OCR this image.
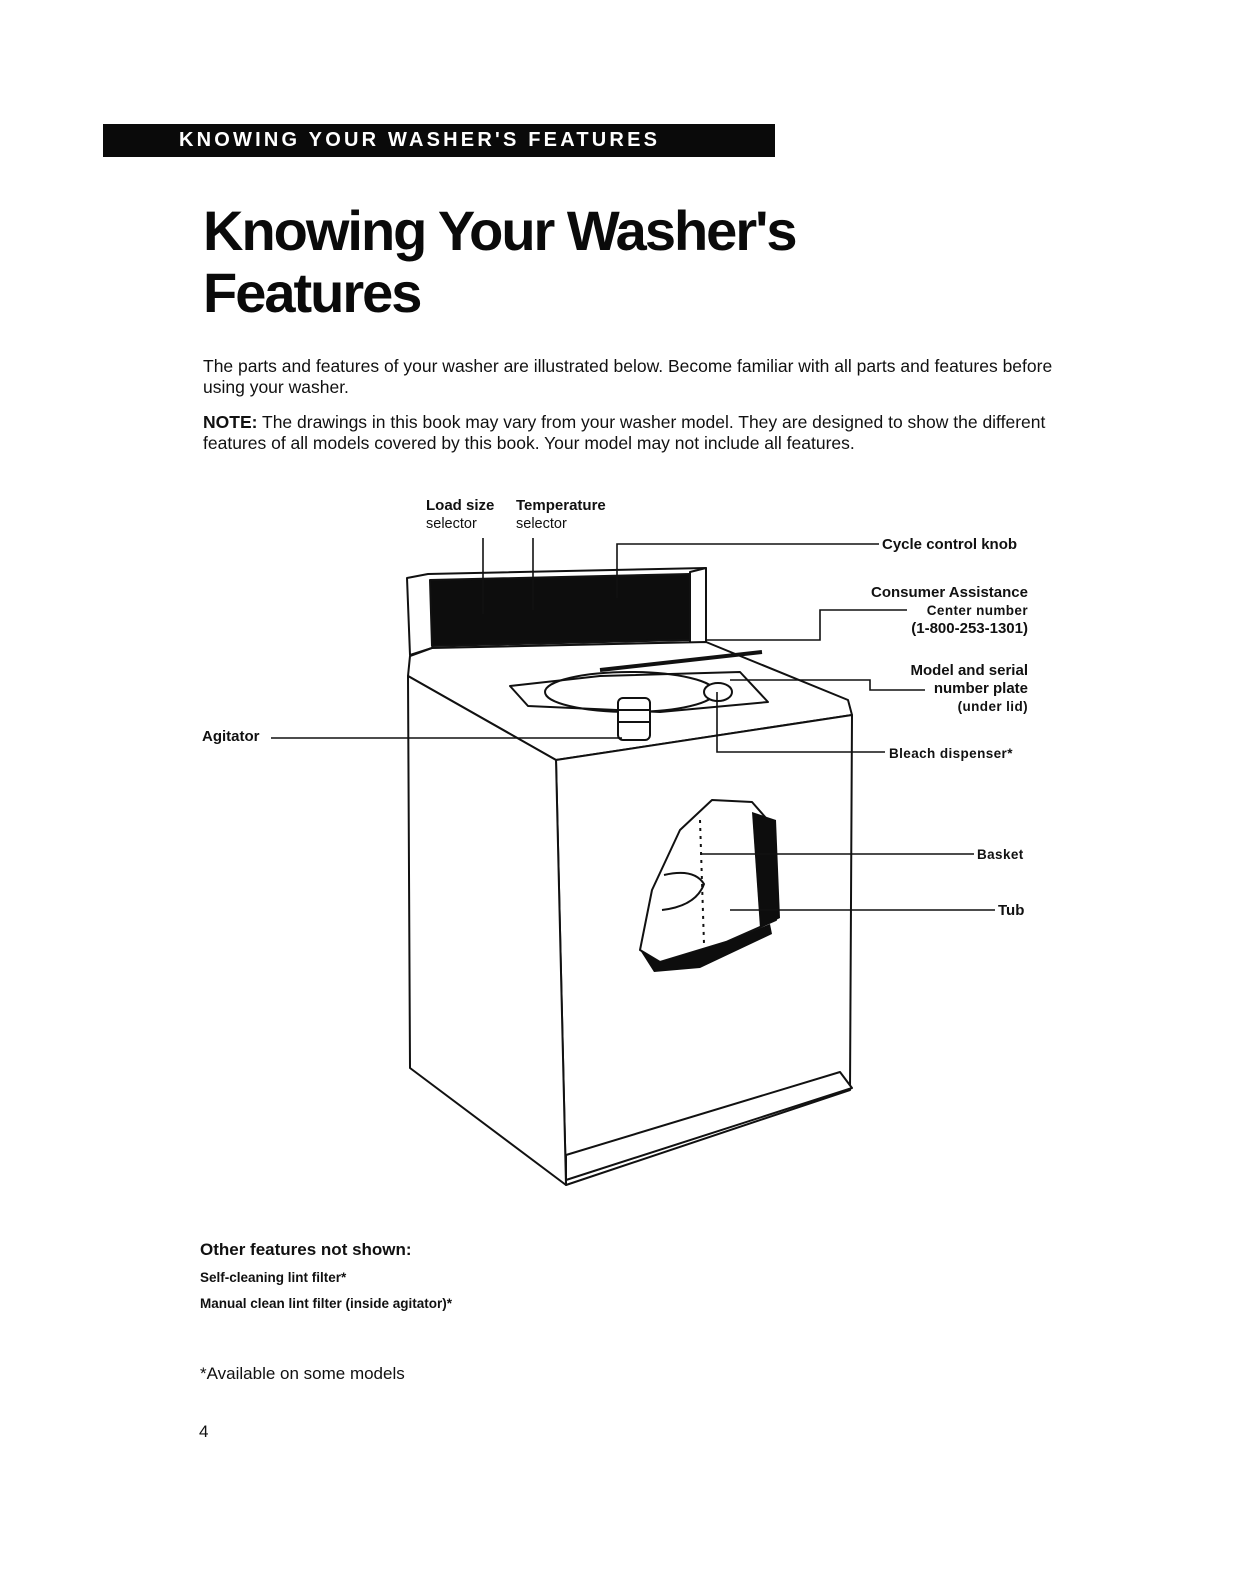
KNOWING YOUR WASHER'S FEATURES
Knowing Your Washer's
Features

The parts and features of your washer are illustrated below. Become familiar with all parts and features before using your washer.

NOTE: The drawings in this book may vary from your washer model. They are designed to show the different features of all models covered by this book. Your model may not include all features.

Load size
selector
Temperature
selector
Cycle control knob
Consumer Assistance
Center number
(1-800-253-1301)
Model and serial
number plate
(under lid)
Agitator
Bleach dispenser*
Basket
Tub
Other features not shown:
Self-cleaning lint filter*
Manual clean lint filter (inside agitator)*
*Available on some models
4
